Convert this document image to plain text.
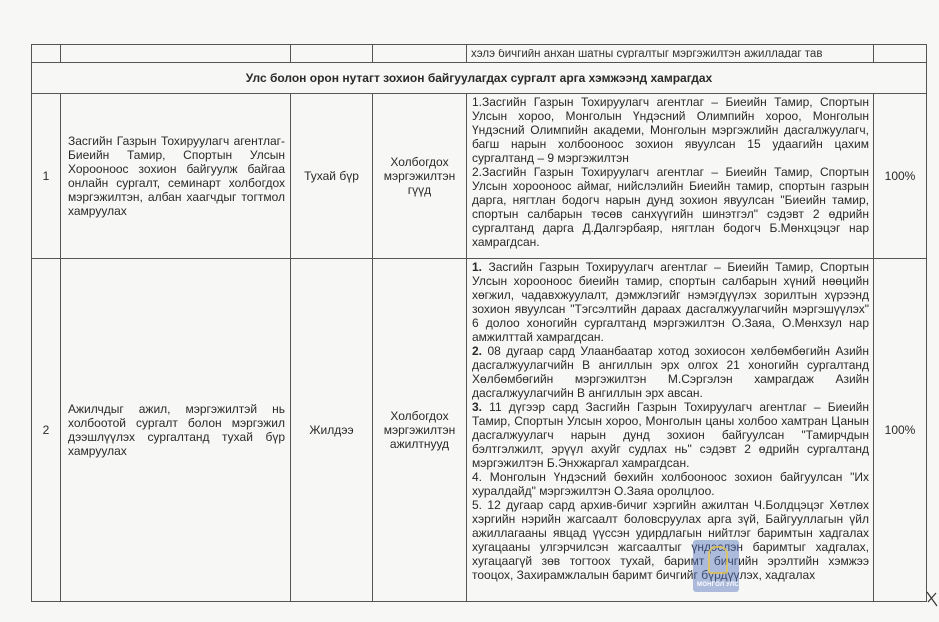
				хэлэ бичгийн анхан шатны сургалтыг мэргэжилтэн ажилладаг тав	

Улс болон орон нутагт зохион байгуулагдах сургалт арга хэмжээнд хамрагдах					
1	Засгийн Газрын Тохируулагч агентлаг-Биеийн Тамир, Спортын Улсын Хорооноос зохион байгуулж байгаа онлайн сургалт, семинарт холбогдох мэргэжилтэн, албан хаагчдыг тогтмол хамруулах	Тухай бүр	Холбогдох мэргэжилтэн гүүд	1.Засгийн Газрын Тохируулагч агентлаг – Биеийн Тамир, Спортын Улсын хороо, Монголын Үндэсний Олимпийн хороо, Монголын Үндэсний Олимпийн академи, Монголын мэргэжлийн дасгалжуулагч, багш нарын холбооноос зохион явуулсан 15 удаагийн цахим сургалтанд – 9 мэргэжилтэн

2.Засгийн Газрын Тохируулагч агентлаг – Биеийн Тамир, Спортын Улсын хорооноос аймаг, нийслэлийн Биеийн тамир, спортын газрын дарга, нягтлан бодогч нарын дунд зохион явуулсан "Биеийн тамир, спортын салбарын төсөв санхүүгийн шинэтгэл" сэдэвт 2 өдрийн сургалтанд дарга Д.Далгэрбаяр, нягтлан бодогч Б.Мөнхцэцэг нар хамрагдсан.	100%
2	Ажилчдыг ажил, мэргэжилтэй нь холбоотой сургалт болон мэргэжил дээшлүүлэх сургалтанд тухай бүр хамруулах	Жилдээ	Холбогдох мэргэжилтэн ажилтнууд	1. Засгийн Газрын Тохируулагч агентлаг – Биеийн Тамир, Спортын Улсын хорооноос биеийн тамир, спортын салбарын хүний нөөцийн хөгжил, чадавхжуулалт, дэмжлэгийг нэмэгдүүлэх зорилтын хүрээнд зохион явуулсан "Тэгсэлтийн дараах дасгалжуулагчийн мэргэшүүлэх" 6 долоо хоногийн сургалтанд мэргэжилтэн О.Заяа, О.Мөнхзул нар амжилттай хамрагдсан.

2. 08 дугаар сард Улаанбаатар хотод зохиосон хөлбөмбөгийн Азийн дасгалжуулагчийн В ангиллын эрх олгох 21 хоногийн сургалтанд Хөлбөмбөгийн мэргэжилтэн М.Сэргэлэн хамрагдаж Азийн дасгалжуулагчийн В ангиллын эрх авсан.

3. 11 дүгээр сард Засгийн Газрын Тохируулагч агентлаг – Биеийн Тамир, Спортын Улсын хороо, Монголын цаны холбоо хамтран Цанын дасгалжуулагч нарын дунд зохион байгуулсан "Тамирчдын бэлтгэлжилт, эрүүл ахуйг судлах нь" сэдэвт 2 өдрийн сургалтанд мэргэжилтэн Б.Энхжаргал хамрагдсан.

4. Монголын Үндэсний бөхийн холбооноос зохион байгуулсан "Их хуралдайд" мэргэжилтэн О.Заяа оролцлоо.

5. 12 дугаар сард архив-бичиг хэргийн ажилтан Ч.Болдцэцэг Хөтлөх хэргийн нэрийн жагсаалт боловсруулах арга зүй, Байгууллагын үйл ажиллагааны явцад үүссэн удирдлагын нийтлэг баримтын хадгалах хугацааны улгэрчилсэн жагсаалтыг үндэслэн баримтыг хадгалах, хугацаагүй зөв тогтоох тухай, баримт бичгийн эрэлтийн хэмжээ тооцох, Захирамжлалын баримт бичгийг бүрдүүлэх, хадгалах	100%
МОНГОЛ УЛС
